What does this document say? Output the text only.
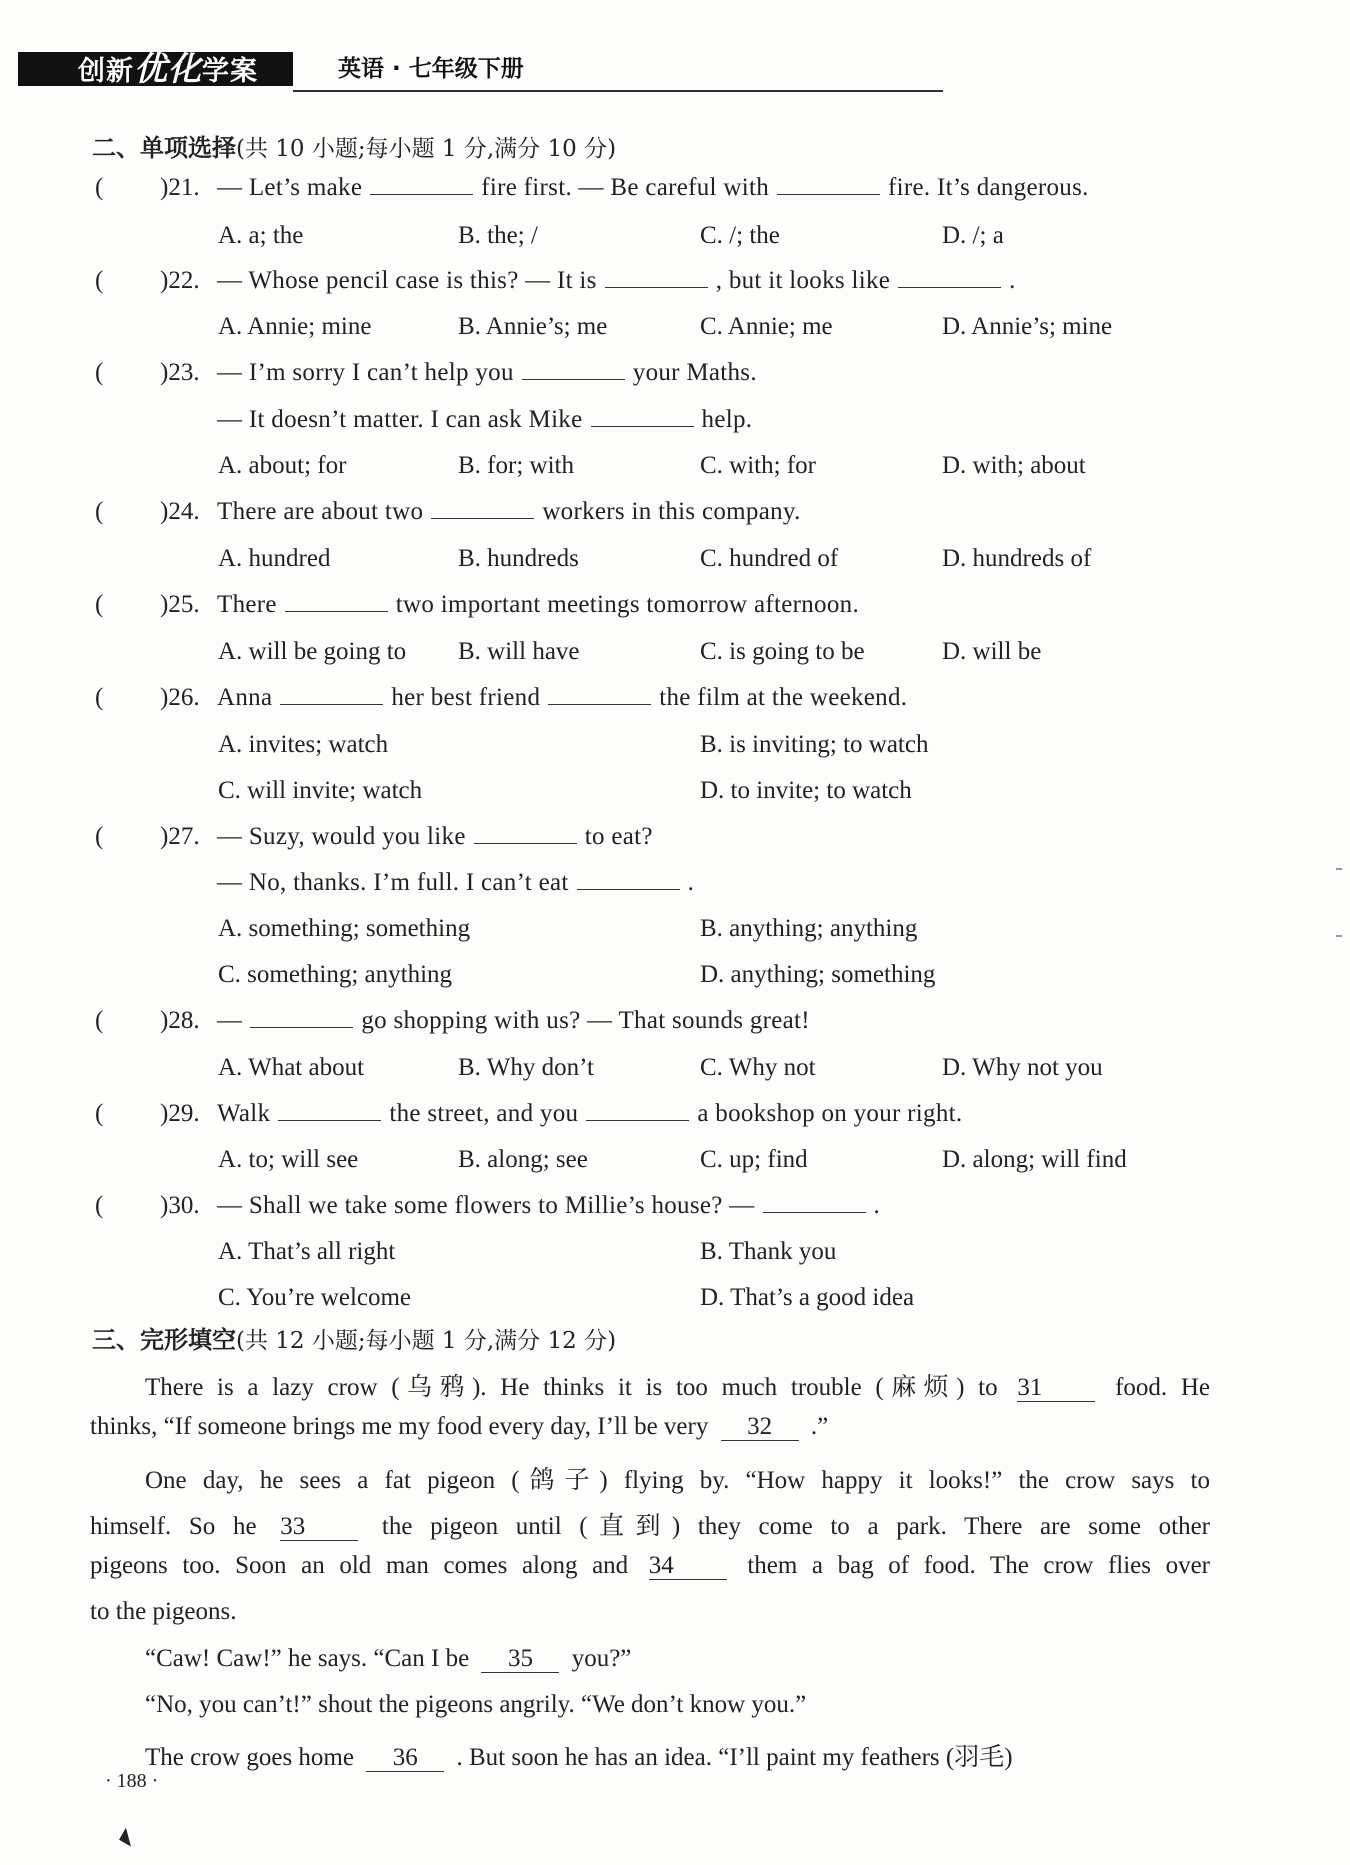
创新优化学案	英语 · 七年级下册
二、单项选择(共 10 小题;每小题 1 分,满分 10 分)
( )21. — Let’s make	fire first. — Be careful with	fire. It’s dangerous.
A. a; the	B. the; /	C. /; the	D. /; a
( )22. — Whose pencil case is this? — It is	, but it looks like	.
A. Annie; mine	B. Annie’s; me	C. Annie; me	D. Annie’s; mine
( )23. — I’m sorry I can’t help you	your Maths.
— It doesn’t matter. I can ask Mike	help.
A. about; for	B. for; with	C. with; for	D. with; about
( )24. There are about two	workers in this company.
A. hundred	B. hundreds	C. hundred of	D. hundreds of
( )25. There	two important meetings tomorrow afternoon.
A. will be going to B. will have	C. is going to be	D. will be
( )26. Anna	her best friend	the film at the weekend.
A. invites; watch	B. is inviting; to watch
C. will invite; watch	D. to invite; to watch
( )27. — Suzy, would you like	to eat?
— No, thanks. I’m full. I can’t eat	.
A. something; something	B. anything; anything
C. something; anything	D. anything; something
( )28. —	go shopping with us? — That sounds great!
A. What about	B. Why don’t	C. Why not	D. Why not you
( )29. Walk	the street, and you	a bookshop on your right.
A. to; will see	B. along; see	C. up; find	D. along; will find
( )30. — Shall we take some flowers to Millie’s house? —	.
A. That’s all right	B. Thank you
C. You’re welcome	D. That’s a good idea
三、完形填空(共 12 小题;每小题 1 分,满分 12 分)
There is a lazy crow (乌鸦). He thinks it is too much trouble (麻烦) to 31	food. He
thinks, “If someone brings me my food every day, I’ll be very 32 .”
One day, he sees a fat pigeon (鸽子) flying by. “How happy it looks!” the crow says to
himself. So he 33	the pigeon until (直到) they come to a park. There are some other
pigeons too. Soon an old man comes along and 34	them a bag of food. The crow flies over
to the pigeons.
“Caw! Caw!” he says. “Can I be 35 you?”
“No, you can’t!” shout the pigeons angrily. “We don’t know you.”
The crow goes home 36 . But soon he has an idea. “I’ll paint my feathers (羽毛)
· 188 ·
◣
